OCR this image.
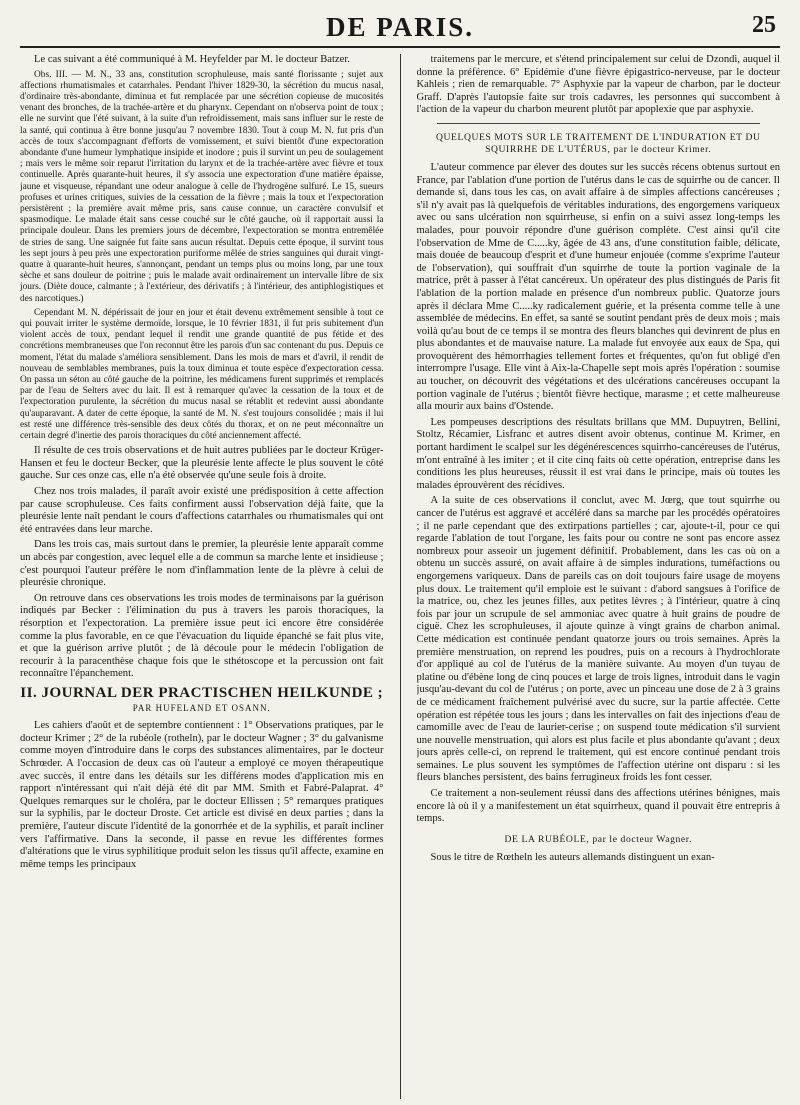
DE PARIS.	25

Le cas suivant a été communiqué à M. Heyfelder par M. le docteur Batzer.

Obs. III. — M. N., 33 ans, constitution scrophuleuse, mais santé florissante ; sujet aux affections rhumatismales et catarrhales. Pendant l'hiver 1829-30, la sécrétion du mucus nasal, d'ordinaire très-abondante, diminua et fut remplacée par une sécrétion copieuse de mucosités venant des bronches, de la trachée-artère et du pharynx. Cependant on n'observa point de toux ; elle ne survint que l'été suivant, à la suite d'un refroidissement, mais sans influer sur le reste de la santé, qui continua à être bonne jusqu'au 7 novembre 1830. Tout à coup M. N. fut pris d'un accès de toux s'accompagnant d'efforts de vomissement, et suivi bientôt d'une expectoration abondante d'une humeur lymphatique insipide et inodore ; puis il survint un peu de soulagement ; mais vers le même soir reparut l'irritation du larynx et de la trachée-artère avec fièvre et toux continuelle. Après quarante-huit heures, il s'y associa une expectoration d'une matière épaisse, jaune et visqueuse, répandant une odeur analogue à celle de l'hydrogène sulfuré. Le 15, sueurs profuses et urines critiques, suivies de la cessation de la fièvre ; mais la toux et l'expectoration persistèrent ; la première avait même pris, sans cause connue, un caractère convulsif et spasmodique. Le malade était sans cesse couché sur le côté gauche, où il rapportait aussi la principale douleur. Dans les premiers jours de décembre, l'expectoration se montra entremêlée de stries de sang. Une saignée fut faite sans aucun résultat. Depuis cette époque, il survint tous les sept jours à peu près une expectoration puriforme mêlée de stries sanguines qui durait vingt-quatre à quarante-huit heures, s'annonçant, pendant un temps plus ou moins long, par une toux sèche et sans douleur de poitrine ; puis le malade avait ordinairement un intervalle libre de six jours. (Diète douce, calmante ; à l'extérieur, des dérivatifs ; à l'intérieur, des antiphlogistiques et des narcotiques.)

Cependant M. N. dépérissait de jour en jour et était devenu extrêmement sensible à tout ce qui pouvait irriter le système dermoïde, lorsque, le 10 février 1831, il fut pris subitement d'un violent accès de toux, pendant lequel il rendit une grande quantité de pus fétide et des concrétions membraneuses que l'on reconnut être les parois d'un sac contenant du pus. Depuis ce moment, l'état du malade s'améliora sensiblement. Dans les mois de mars et d'avril, il rendit de nouveau de semblables membranes, puis la toux diminua et toute espèce d'expectoration cessa. On passa un séton au côté gauche de la poitrine, les médicamens furent supprimés et remplacés par de l'eau de Selters avec du lait. Il est à remarquer qu'avec la cessation de la toux et de l'expectoration purulente, la sécrétion du mucus nasal se rétablit et redevint aussi abondante qu'auparavant. A dater de cette époque, la santé de M. N. s'est toujours consolidée ; mais il lui est resté une différence très-sensible des deux côtés du thorax, et on ne peut méconnaître un certain degré d'inertie des parois thoraciques du côté anciennement affecté.

Il résulte de ces trois observations et de huit autres publiées par le docteur Krüger-Hansen et feu le docteur Becker, que la pleurésie lente affecte le plus souvent le côté gauche. Sur ces onze cas, elle n'a été observée qu'une seule fois à droite.

Chez nos trois malades, il paraît avoir existé une prédisposition à cette affection par cause scrophuleuse. Ces faits confirment aussi l'observation déjà faite, que la pleurésie lente naît pendant le cours d'affections catarrhales ou rhumatismales qui ont été entravées dans leur marche.

Dans les trois cas, mais surtout dans le premier, la pleurésie lente apparaît comme un abcès par congestion, avec lequel elle a de commun sa marche lente et insidieuse ; c'est pourquoi l'auteur préfère le nom d'inflammation lente de la plèvre à celui de pleurésie chronique.

On retrouve dans ces observations les trois modes de terminaisons par la guérison indiqués par Becker : l'élimination du pus à travers les parois thoraciques, la résorption et l'expectoration. La première issue peut ici encore être considérée comme la plus favorable, en ce que l'évacuation du liquide épanché se fait plus vite, et que la guérison arrive plutôt ; de là découle pour le médecin l'obligation de recourir à la paracenthèse chaque fois que le sthétoscope et la percussion ont fait reconnaître l'épanchement.

II. JOURNAL DER PRACTISCHEN HEILKUNDE ;
PAR HUFELAND ET OSANN.

Les cahiers d'août et de septembre contiennent : 1° Observations pratiques, par le docteur Krimer ; 2° de la rubéole (rotheln), par le docteur Wagner ; 3° du galvanisme comme moyen d'introduire dans le corps des substances alimentaires, par le docteur Schrœder. A l'occasion de deux cas où l'auteur a employé ce moyen thérapeutique avec succès, il entre dans les détails sur les différens modes d'application mis en rapport n'intéressant qui n'ait déjà été dit par MM. Smith et Fabré-Palaprat. 4° Quelques remarques sur le choléra, par le docteur Ellissen ; 5° remarques pratiques sur la syphilis, par le docteur Droste. Cet article est divisé en deux parties ; dans la première, l'auteur discute l'identité de la gonorrhée et de la syphilis, et paraît incliner vers l'affirmative. Dans la seconde, il passe en revue les différentes formes d'altérations que le virus syphilitique produit selon les tissus qu'il affecte, examine en même temps les principaux

traitemens par le mercure, et s'étend principalement sur celui de Dzondi, auquel il donne la préférence. 6° Epidémie d'une fièvre épigastrico-nerveuse, par le docteur Kahleis ; rien de remarquable. 7° Asphyxie par la vapeur de charbon, par le docteur Graff. D'après l'autopsie faite sur trois cadavres, les personnes qui succombent à l'action de la vapeur du charbon meurent plutôt par apoplexie que par asphyxie.

QUELQUES MOTS SUR LE TRAITEMENT DE L'INDURATION ET DU SQUIRRHE DE L'UTÉRUS, par le docteur Krimer.

L'auteur commence par élever des doutes sur les succès récens obtenus surtout en France, par l'ablation d'une portion de l'utérus dans le cas de squirrhe ou de cancer. Il demande si, dans tous les cas, on avait affaire à de simples affections cancéreuses ; s'il n'y avait pas là quelquefois de véritables indurations, des engorgemens variqueux avec ou sans ulcération non squirrheuse, si enfin on a suivi assez long-temps les malades, pour pouvoir répondre d'une guérison complète. C'est ainsi qu'il cite l'observation de Mme de C.....ky, âgée de 43 ans, d'une constitution faible, délicate, mais douée de beaucoup d'esprit et d'une humeur enjouée (comme s'exprime l'auteur de l'observation), qui souffrait d'un squirrhe de toute la portion vaginale de la matrice, prêt à passer à l'état cancéreux. Un opérateur des plus distingués de Paris fit l'ablation de la portion malade en présence d'un nombreux public. Quatorze jours après il déclara Mme C.....ky radicalement guérie, et la présenta comme telle à une assemblée de médecins. En effet, sa santé se soutint pendant près de deux mois ; mais voilà qu'au bout de ce temps il se montra des fleurs blanches qui devinrent de plus en plus abondantes et de mauvaise nature. La malade fut envoyée aux eaux de Spa, qui provoquèrent des hémorrhagies tellement fortes et fréquentes, qu'on fut obligé d'en interrompre l'usage. Elle vint à Aix-la-Chapelle sept mois après l'opération : soumise au toucher, on découvrit des végétations et des ulcérations cancéreuses occupant la portion vaginale de l'utérus ; bientôt fièvre hectique, marasme ; et cette malheureuse alla mourir aux bains d'Ostende.

Les pompeuses descriptions des résultats brillans que MM. Dupuytren, Bellini, Stoltz, Récamier, Lisfranc et autres disent avoir obtenus, continue M. Krimer, en portant hardiment le scalpel sur les dégénérescences squirrho-cancéreuses de l'utérus, m'ont entraîné à les imiter ; et il cite cinq faits où cette opération, entreprise dans les conditions les plus heureuses, réussit il est vrai dans le principe, mais où toutes les malades éprouvèrent des récidives.

A la suite de ces observations il conclut, avec M. Jœrg, que tout squirrhe ou cancer de l'utérus est aggravé et accéléré dans sa marche par les procédés opératoires ; il ne parle cependant que des extirpations partielles ; car, ajoute-t-il, pour ce qui regarde l'ablation de tout l'organe, les faits pour ou contre ne sont pas encore assez nombreux pour asseoir un jugement définitif. Probablement, dans les cas où on a obtenu un succès assuré, on avait affaire à de simples indurations, tuméfactions ou engorgemens variqueux. Dans de pareils cas on doit toujours faire usage de moyens plus doux. Le traitement qu'il emploie est le suivant : d'abord sangsues à l'orifice de la matrice, ou, chez les jeunes filles, aux petites lèvres ; à l'intérieur, quatre à cinq fois par jour un scrupule de sel ammoniac avec quatre à huit grains de poudre de ciguë. Chez les scrophuleuses, il ajoute quinze à vingt grains de charbon animal. Cette médication est continuée pendant quatorze jours ou trois semaines. Après la première menstruation, on reprend les poudres, puis on a recours à l'hydrochlorate d'or appliqué au col de l'utérus de la manière suivante. Au moyen d'un tuyau de platine ou d'ébène long de cinq pouces et large de trois lignes, introduit dans le vagin jusqu'au-devant du col de l'utérus ; on porte, avec un pinceau une dose de 2 à 3 grains de ce médicament fraîchement pulvérisé avec du sucre, sur la partie affectée. Cette opération est répétée tous les jours ; dans les intervalles on fait des injections d'eau de camomille avec de l'eau de laurier-cerise ; on suspend toute médication s'il survient une nouvelle menstruation, qui alors est plus facile et plus abondante qu'avant ; deux jours après celle-ci, on reprend le traitement, qui est encore continué pendant trois semaines. Le plus souvent les symptômes de l'affection utérine ont disparu : si les fleurs blanches persistent, des bains ferrugineux froids les font cesser.

Ce traitement a non-seulement réussi dans des affections utérines bénignes, mais encore là où il y a manifestement un état squirrheux, quand il pouvait être entrepris à temps.

DE LA RUBÉOLE, par le docteur Wagner.

Sous le titre de Rœtheln les auteurs allemands distinguent un exan-
